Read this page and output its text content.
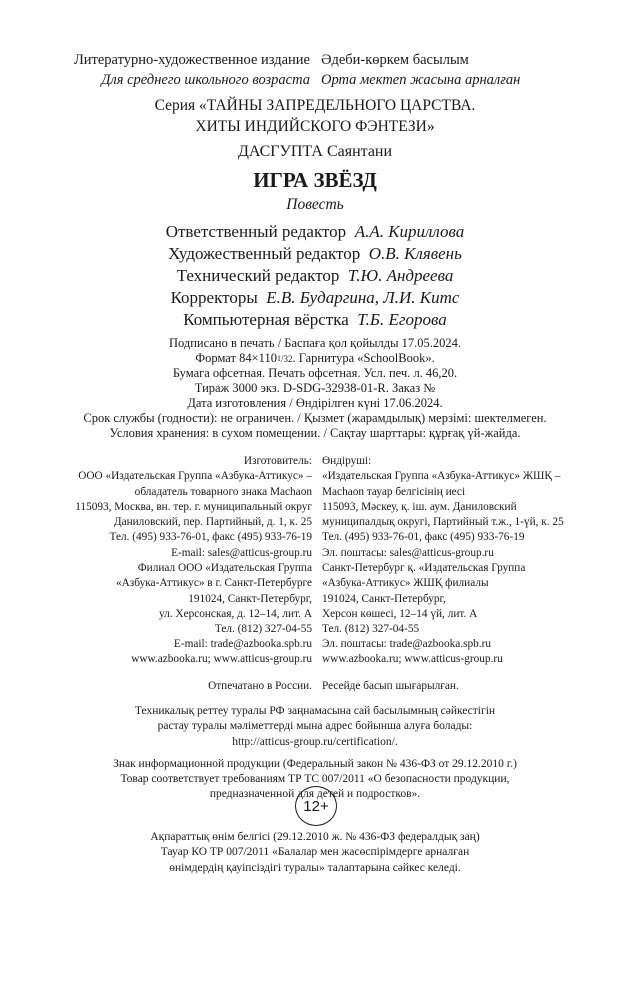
Литературно-художественное издание Әдеби-көркем басылым
Для среднего школьного возраста Орта мектеп жасына арналған
Серия «ТАЙНЫ ЗАПРЕДЕЛЬНОГО ЦАРСТВА.
ХИТЫ ИНДИЙСКОГО ФЭНТЕЗИ»
ДАСГУПТА Саянтани
ИГРА ЗВЁЗД
Повесть
Ответственный редактор А.А. Кириллова
Художественный редактор О.В. Клявень
Технический редактор Т.Ю. Андреева
Корректоры Е.В. Бударгина, Л.И. Китс
Компьютерная вёрстка Т.Б. Егорова
Подписано в печать / Баспаға қол қойылды 17.05.2024.
Формат $84\times 110^1/32$. Гарнитура «SchoolBook».
Бумага офсетная. Печать офсетная. Усл. печ. л. 46,20.
Тираж 3000 экз. D-SDG-32938-01-R. Заказ №
Дата изготовления / Өндірілген күні 17.06.2024.
Срок службы (годности): не ограничен. / Қызмет (жарамдылық) мерзімі: шектелмеген.
Условия хранения: в сухом помещении. / Сақтау шарттары: құрғақ үй-жайда.
Изготовитель:
ООО «Издательская Группа «Азбука-Аттикус» –
обладатель товарного знака Machaon
115093, Москва, вн. тер. г. муниципальный округ
Даниловский, пер. Партийный, д. 1, к. 25
Тел. (495) 933-76-01, факс (495) 933-76-19
E-mail: sales@atticus-group.ru
Өндіруші:
«Издательская Группа «Азбука-Аттикус» ЖШҚ –
Machaon тауар белгісінің иесі
115093, Мәскеу, қ. іш. аум. Даниловский
муниципалдық округі, Партийный т.ж., 1-үй, к. 25
Тел. (495) 933-76-01, факс (495) 933-76-19
Эл. поштасы: sales@atticus-group.ru
Филиал ООО «Издательская Группа
«Азбука-Аттикус» в г. Санкт-Петербурге
191024, Санкт-Петербург,
ул. Херсонская, д. 12–14, лит. А
Тел. (812) 327-04-55
E-mail: trade@azbooka.spb.ru
Санкт-Петербург қ. «Издательская Группа
«Азбука-Аттикус» ЖШҚ филиалы
191024, Санкт-Петербург,
Херсон көшесі, 12–14 үй, лит. А
Тел. (812) 327-04-55
Эл. поштасы: trade@azbooka.spb.ru
www.azbooka.ru; www.atticus-group.ru www.azbooka.ru; www.atticus-group.ru
Отпечатано в России. Ресейде басып шығарылған.
Техникалық реттеу туралы РФ заңнамасына сай басылымның сәйкестігін
растау туралы мәліметтерді мына адрес бойынша алуға болады:
http://atticus-group.ru/certification/.
Знак информационной продукции (Федеральный закон № 436-ФЗ от 29.12.2010 г.)
Товар соответствует требованиям ТР ТС 007/2011 «О безопасности продукции,
предназначенной для детей и подростков».
12+
Ақпараттық өнім белгісі (29.12.2010 ж. № 436-ФЗ федералдық заң)
Тауар КО ТР 007/2011 «Балалар мен жасөспірімдерге арналған
өнімдердің қауіпсіздігі туралы» талаптарына сәйкес келеді.
